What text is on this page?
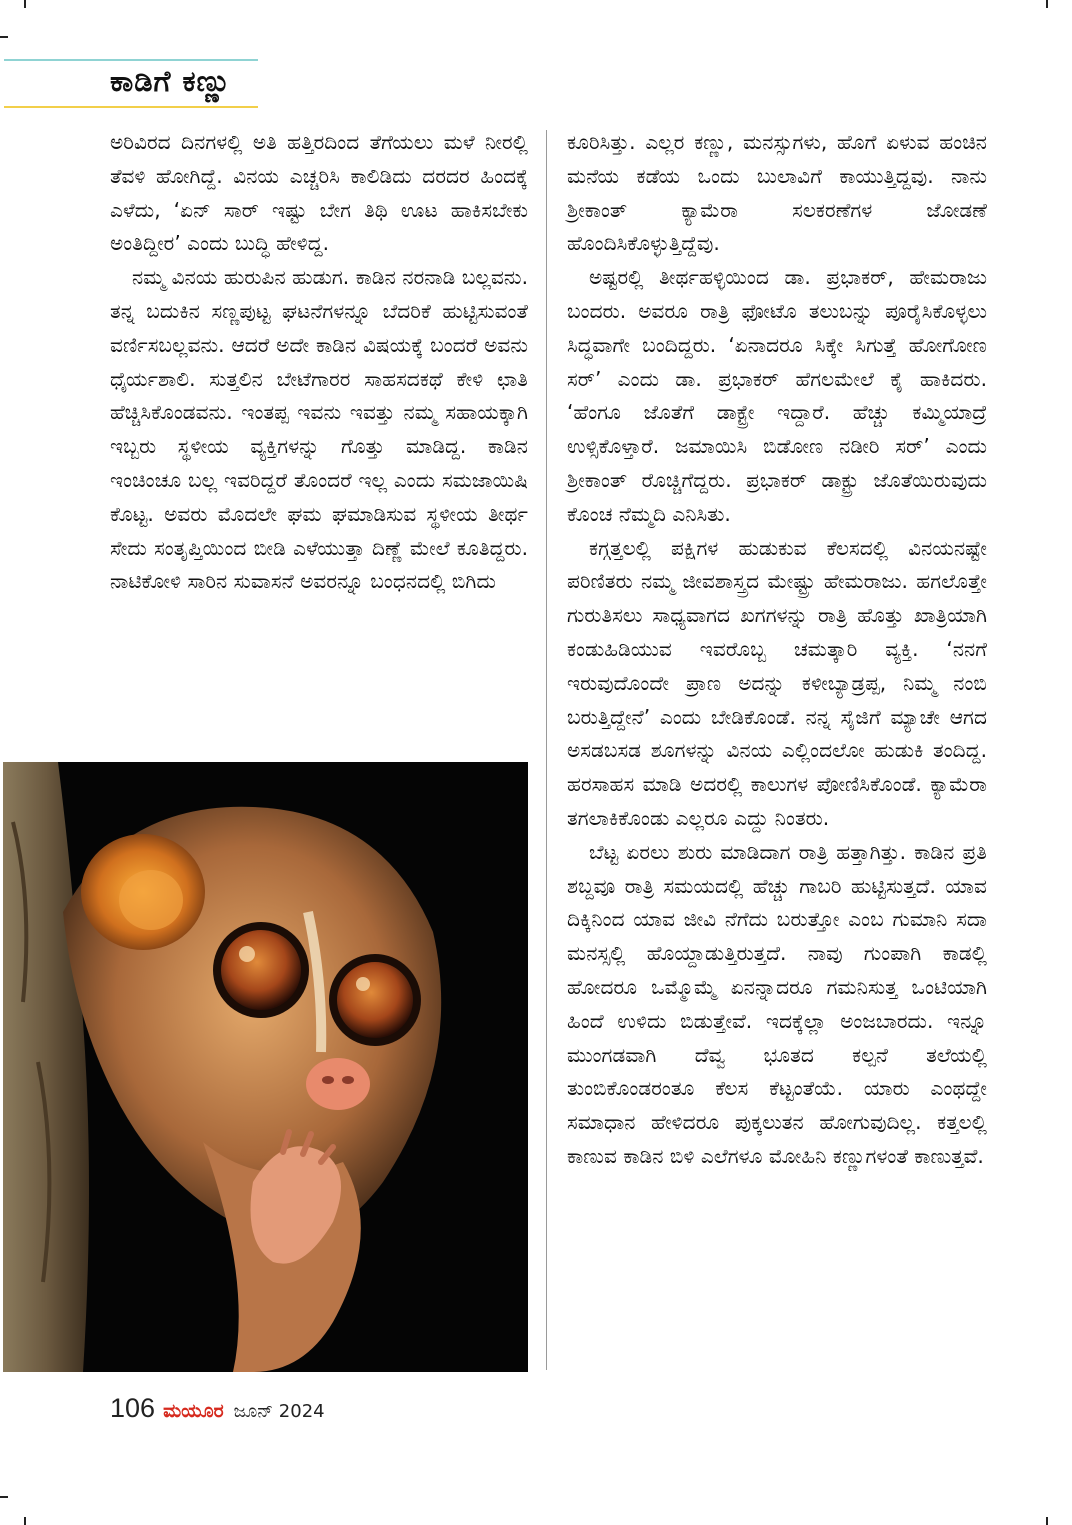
ಕಾಡಿಗೆ ಕಣ್ಣು

ಅರಿವಿರದ ದಿನಗಳಲ್ಲಿ ಅತಿ ಹತ್ತಿರದಿಂದ ತೆಗೆಯಲು ಮಳೆ ನೀರಲ್ಲಿ ತೆವಳಿ ಹೋಗಿದ್ದೆ. ವಿನಯ ಎಚ್ಚರಿಸಿ ಕಾಲಿಡಿದು ದರದರ ಹಿಂದಕ್ಕೆ ಎಳೆದು, ‘ಏನ್ ಸಾರ್ ಇಷ್ಟು ಬೇಗ ತಿಥಿ ಊಟ ಹಾಕಿಸಬೇಕು ಅಂತಿದ್ದೀರ’ ಎಂದು ಬುದ್ಧಿ ಹೇಳಿದ್ದ.

ನಮ್ಮ ವಿನಯ ಹುರುಪಿನ ಹುಡುಗ. ಕಾಡಿನ ನರನಾಡಿ ಬಲ್ಲವನು. ತನ್ನ ಬದುಕಿನ ಸಣ್ಣಪುಟ್ಟ ಘಟನೆಗಳನ್ನೂ ಬೆದರಿಕೆ ಹುಟ್ಟಿಸುವಂತೆ ವರ್ಣಿಸಬಲ್ಲವನು. ಆದರೆ ಅದೇ ಕಾಡಿನ ವಿಷಯಕ್ಕೆ ಬಂದರೆ ಅವನು ಧೈರ್ಯಶಾಲಿ. ಸುತ್ತಲಿನ ಬೇಟೆಗಾರರ ಸಾಹಸದಕಥೆ ಕೇಳಿ ಛಾತಿ ಹೆಚ್ಚಿಸಿಕೊಂಡವನು. ಇಂತಪ್ಪ ಇವನು ಇವತ್ತು ನಮ್ಮ ಸಹಾಯಕ್ಕಾಗಿ ಇಬ್ಬರು ಸ್ಥಳೀಯ ವ್ಯಕ್ತಿಗಳನ್ನು ಗೊತ್ತು ಮಾಡಿದ್ದ. ಕಾಡಿನ ಇಂಚಿಂಚೂ ಬಲ್ಲ ಇವರಿದ್ದರೆ ತೊಂದರೆ ಇಲ್ಲ ಎಂದು ಸಮಜಾಯಿಷಿ ಕೊಟ್ಟ. ಅವರು ಮೊದಲೇ ಘಮ ಘಮಾಡಿಸುವ ಸ್ಥಳೀಯ ತೀರ್ಥ ಸೇದು ಸಂತೃಪ್ತಿಯಿಂದ ಬೀಡಿ ಎಳೆಯುತ್ತಾ ದಿಣ್ಣೆ ಮೇಲೆ ಕೂತಿದ್ದರು. ನಾಟಿಕೋಳಿ ಸಾರಿನ ಸುವಾಸನೆ ಅವರನ್ನೂ ಬಂಧನದಲ್ಲಿ ಬಿಗಿದು

ಕೂರಿಸಿತ್ತು. ಎಲ್ಲರ ಕಣ್ಣು, ಮನಸ್ಸುಗಳು, ಹೊಗೆ ಏಳುವ ಹಂಚಿನ ಮನೆಯ ಕಡೆಯ ಒಂದು ಬುಲಾವಿಗೆ ಕಾಯುತ್ತಿದ್ದವು. ನಾನು ಶ್ರೀಕಾಂತ್ ಕ್ಯಾಮೆರಾ ಸಲಕರಣೆಗಳ ಜೋಡಣೆ ಹೊಂದಿಸಿಕೊಳ್ಳುತ್ತಿದ್ದೆವು.

ಅಷ್ಟರಲ್ಲಿ ತೀರ್ಥಹಳ್ಳಿಯಿಂದ ಡಾ. ಪ್ರಭಾಕರ್, ಹೇಮರಾಜು ಬಂದರು. ಅವರೂ ರಾತ್ರಿ ಫೋಟೊ ತಲುಬನ್ನು ಪೂರೈಸಿಕೊಳ್ಳಲು ಸಿದ್ಧವಾಗೇ ಬಂದಿದ್ದರು. ‘ಏನಾದರೂ ಸಿಕ್ಕೇ ಸಿಗುತ್ತೆ ಹೋಗೋಣ ಸರ್’ ಎಂದು ಡಾ. ಪ್ರಭಾಕರ್ ಹೆಗಲಮೇಲೆ ಕೈ ಹಾಕಿದರು. ‘ಹೆಂಗೂ ಜೊತೆಗೆ ಡಾಕ್ಟ್ರೇ ಇದ್ದಾರೆ. ಹೆಚ್ಚು ಕಮ್ಮಿಯಾದ್ರೆ ಉಳ್ಸಿಕೊಳ್ತಾರೆ. ಜಮಾಯಿಸಿ ಬಿಡೋಣ ನಡೀರಿ ಸರ್’ ಎಂದು ಶ್ರೀಕಾಂತ್ ರೊಚ್ಚಿಗೆದ್ದರು. ಪ್ರಭಾಕರ್ ಡಾಕ್ಟ್ರು ಜೊತೆಯಿರುವುದು ಕೊಂಚ ನೆಮ್ಮದಿ ಎನಿಸಿತು.

ಕಗ್ಗತ್ತಲಲ್ಲಿ ಪಕ್ಷಿಗಳ ಹುಡುಕುವ ಕೆಲಸದಲ್ಲಿ ವಿನಯನಷ್ಟೇ ಪರಿಣಿತರು ನಮ್ಮ ಜೀವಶಾಸ್ತ್ರದ ಮೇಷ್ಟ್ರು ಹೇಮರಾಜು. ಹಗಲೊತ್ತೇ ಗುರುತಿಸಲು ಸಾಧ್ಯವಾಗದ ಖಗಗಳನ್ನು ರಾತ್ರಿ ಹೊತ್ತು ಖಾತ್ರಿಯಾಗಿ ಕಂಡುಹಿಡಿಯುವ ಇವರೊಬ್ಬ ಚಮತ್ಕಾರಿ ವ್ಯಕ್ತಿ. ‘ನನಗೆ ಇರುವುದೊಂದೇ ಪ್ರಾಣ ಅದನ್ನು ಕಳೀಬ್ಯಾಡ್ರಪ್ಪ, ನಿಮ್ಮ ನಂಬಿ ಬರುತ್ತಿದ್ದೇನೆ’ ಎಂದು ಬೇಡಿಕೊಂಡೆ. ನನ್ನ ಸೈಜಿಗೆ ಮ್ಯಾಚೇ ಆಗದ ಅಸಡಬಸಡ ಶೂಗಳನ್ನು ವಿನಯ ಎಲ್ಲಿಂದಲೋ ಹುಡುಕಿ ತಂದಿದ್ದ. ಹರಸಾಹಸ ಮಾಡಿ ಅದರಲ್ಲಿ ಕಾಲುಗಳ ಪೋಣಿಸಿಕೊಂಡೆ. ಕ್ಯಾಮೆರಾ ತಗಲಾಕಿಕೊಂಡು ಎಲ್ಲರೂ ಎದ್ದು ನಿಂತರು.

ಬೆಟ್ಟ ಏರಲು ಶುರು ಮಾಡಿದಾಗ ರಾತ್ರಿ ಹತ್ತಾಗಿತ್ತು. ಕಾಡಿನ ಪ್ರತಿ ಶಬ್ದವೂ ರಾತ್ರಿ ಸಮಯದಲ್ಲಿ ಹೆಚ್ಚು ಗಾಬರಿ ಹುಟ್ಟಿಸುತ್ತದೆ. ಯಾವ ದಿಕ್ಕಿನಿಂದ ಯಾವ ಜೀವಿ ನೆಗೆದು ಬರುತ್ತೋ ಎಂಬ ಗುಮಾನಿ ಸದಾ ಮನಸ್ಸಲ್ಲಿ ಹೊಯ್ದಾಡುತ್ತಿರುತ್ತದೆ. ನಾವು ಗುಂಪಾಗಿ ಕಾಡಲ್ಲಿ ಹೋದರೂ ಒಮ್ಮೊಮ್ಮೆ ಏನನ್ನಾದರೂ ಗಮನಿಸುತ್ತ ಒಂಟಿಯಾಗಿ ಹಿಂದೆ ಉಳಿದು ಬಿಡುತ್ತೇವೆ. ಇದಕ್ಕೆಲ್ಲಾ ಅಂಜಬಾರದು. ಇನ್ನೂ ಮುಂಗಡವಾಗಿ ದೆವ್ವ ಭೂತದ ಕಲ್ಪನೆ ತಲೆಯಲ್ಲಿ ತುಂಬಿಕೊಂಡರಂತೂ ಕೆಲಸ ಕೆಟ್ಟಂತೆಯೆ. ಯಾರು ಎಂಥದ್ದೇ ಸಮಾಧಾನ ಹೇಳಿದರೂ ಪುಕ್ಕಲುತನ ಹೋಗುವುದಿಲ್ಲ. ಕತ್ತಲಲ್ಲಿ ಕಾಣುವ ಕಾಡಿನ ಬಿಳಿ ಎಲೆಗಳೂ ಮೋಹಿನಿ ಕಣ್ಣುಗಳಂತೆ ಕಾಣುತ್ತವೆ.

106 ಮಯೂರ ಜೂನ್ 2024
